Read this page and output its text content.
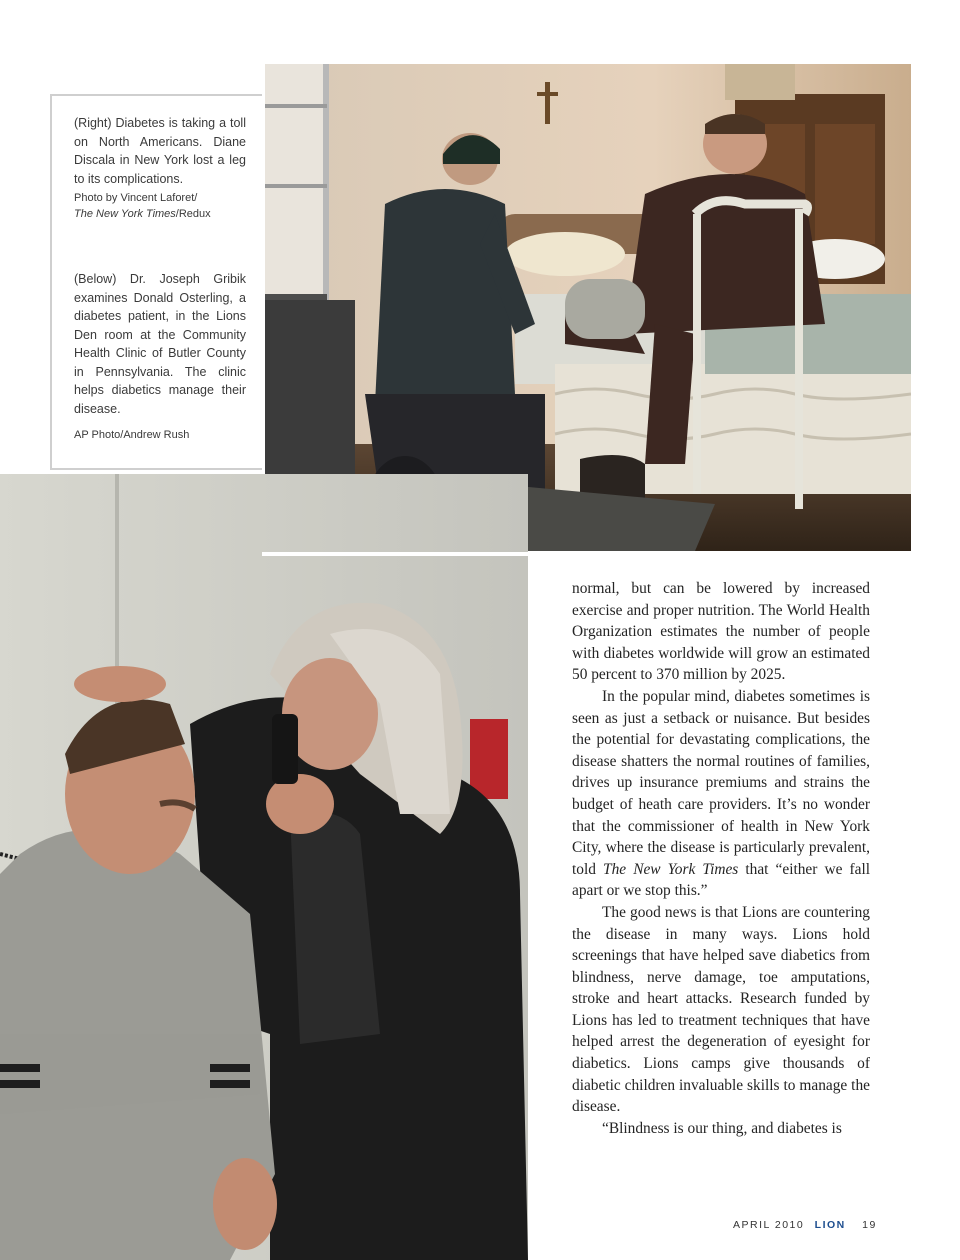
(Right) Diabetes is taking a toll on North Americans. Diane Discala in New York lost a leg to its complications.
Photo by Vincent Laforet/
The New York Times/Redux
(Below) Dr. Joseph Gribik examines Donald Osterling, a diabetes patient, in the Lions Den room at the Community Health Clinic of Butler County in Pennsylvania. The clinic helps diabetics manage their disease.
AP Photo/Andrew Rush

normal, but can be lowered by increased exercise and proper nutrition. The World Health Organization estimates the number of people with diabetes worldwide will grow an estimated 50 percent to 370 million by 2025.

In the popular mind, diabetes sometimes is seen as just a setback or nuisance. But besides the potential for devastating complications, the disease shatters the normal routines of families, drives up insurance premiums and strains the budget of heath care providers. It’s no wonder that the commissioner of health in New York City, where the disease is particularly prevalent, told The New York Times that “either we fall apart or we stop this.”

The good news is that Lions are countering the disease in many ways. Lions hold screenings that have helped save diabetics from blindness, nerve damage, toe amputations, stroke and heart attacks. Research funded by Lions has led to treatment techniques that have helped arrest the degeneration of eyesight for diabetics. Lions camps give thousands of diabetic children invaluable skills to manage the disease.

“Blindness is our thing, and diabetes is

APRIL 2010 LION 19
